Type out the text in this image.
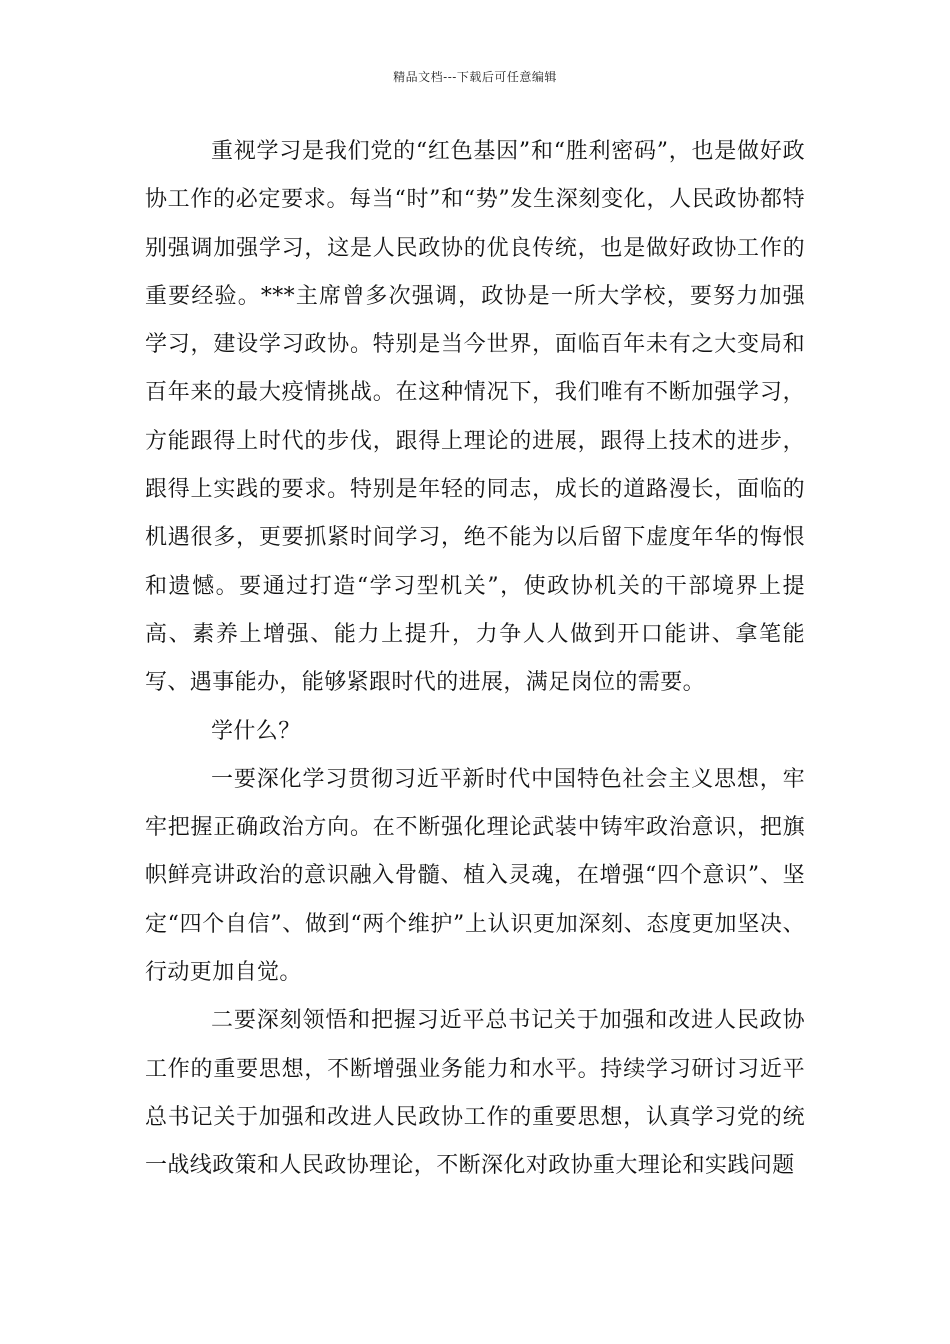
精品文档---下载后可任意编辑

重视学习是我们党的“红色基因”和“胜利密码”，也是做好政协工作的必定要求。每当“时”和“势”发生深刻变化，人民政协都特别强调加强学习，这是人民政协的优良传统，也是做好政协工作的重要经验。***主席曾多次强调，政协是一所大学校，要努力加强学习，建设学习政协。特别是当今世界，面临百年未有之大变局和百年来的最大疫情挑战。在这种情况下，我们唯有不断加强学习，方能跟得上时代的步伐，跟得上理论的进展，跟得上技术的进步，跟得上实践的要求。特别是年轻的同志，成长的道路漫长，面临的机遇很多，更要抓紧时间学习，绝不能为以后留下虚度年华的悔恨和遗憾。要通过打造“学习型机关”，使政协机关的干部境界上提高、素养上增强、能力上提升，力争人人做到开口能讲、拿笔能写、遇事能办，能够紧跟时代的进展，满足岗位的需要。

学什么？

一要深化学习贯彻习近平新时代中国特色社会主义思想，牢牢把握正确政治方向。在不断强化理论武装中铸牢政治意识，把旗帜鲜亮讲政治的意识融入骨髓、植入灵魂，在增强“四个意识”、坚定“四个自信”、做到“两个维护”上认识更加深刻、态度更加坚决、行动更加自觉。

二要深刻领悟和把握习近平总书记关于加强和改进人民政协工作的重要思想，不断增强业务能力和水平。持续学习研讨习近平总书记关于加强和改进人民政协工作的重要思想，认真学习党的统一战线政策和人民政协理论，不断深化对政协重大理论和实践问题
